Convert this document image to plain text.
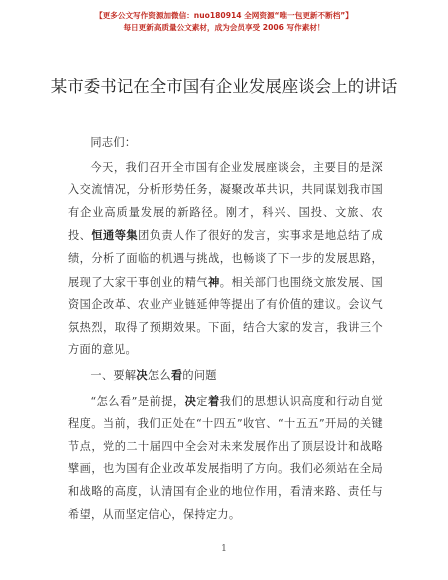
【更多公文写作资源加微信：nuo180914 全网资源“唯一包更新不断档”】
每日更新高质量公文素材，成为会员享受 2006 写作素材！
某市委书记在全市国有企业发展座谈会上的讲话

同志们：

今天，我们召开全市国有企业发展座谈会，主要目的是深入交流情况，分析形势任务，凝聚改革共识，共同谋划我市国有企业高质量发展的新路径。刚才，科兴、国投、文旅、农投、恒通等集团负责人作了很好的发言，实事求是地总结了成绩，分析了面临的机遇与挑战，也畅谈了下一步的发展思路，展现了大家干事创业的精气神。相关部门也围绕文旅发展、国资国企改革、农业产业链延伸等提出了有价值的建议。会议气氛热烈，取得了预期效果。下面，结合大家的发言，我讲三个方面的意见。

一、要解决怎么看的问题

“怎么看”是前提，决定着我们的思想认识高度和行动自觉程度。当前，我们正处在“十四五”收官、“十五五”开局的关键节点，党的二十届四中全会对未来发展作出了顶层设计和战略擘画，也为国有企业改革发展指明了方向。我们必须站在全局和战略的高度，认清国有企业的地位作用，看清来路、责任与希望，从而坚定信心，保持定力。

1
